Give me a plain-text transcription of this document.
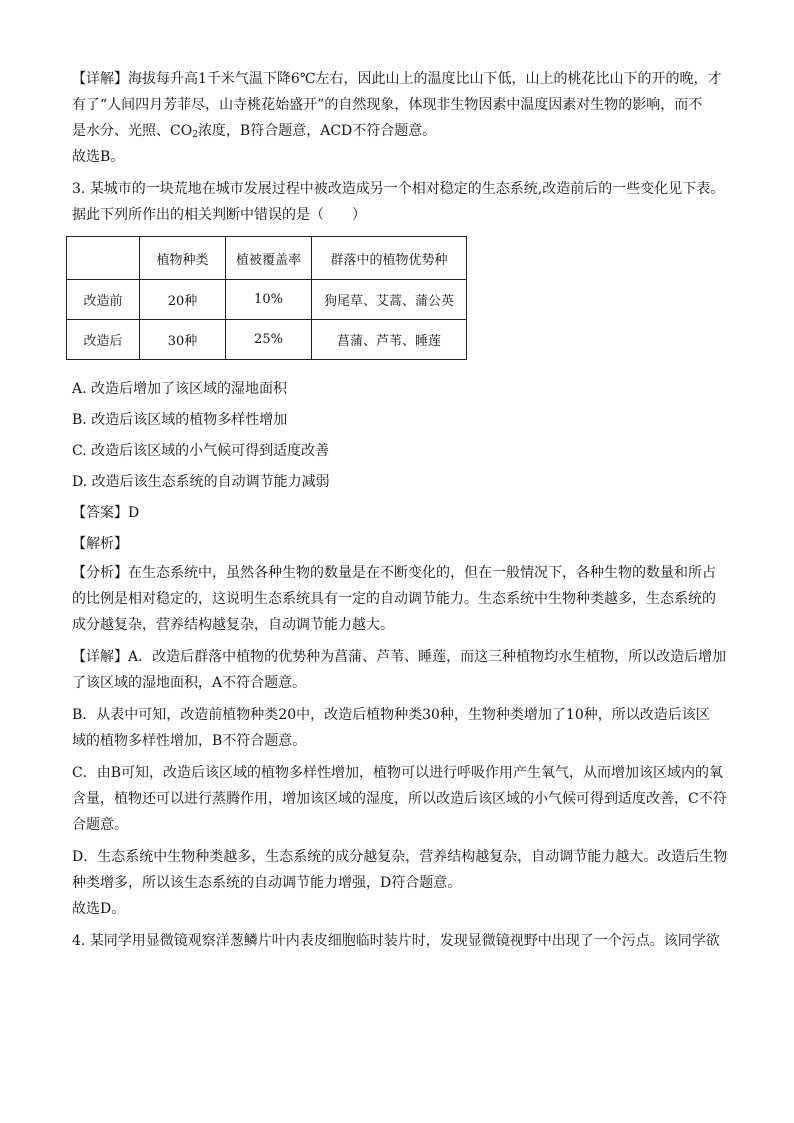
【详解】海拔每升高1千米气温下降6℃左右，因此山上的温度比山下低，山上的桃花比山下的开的晚，才

有了“人间四月芳菲尽，山寺桃花始盛开”的自然现象，体现非生物因素中温度因素对生物的影响，而不

是水分、光照、$CO_2$浓度，B符合题意，ACD不符合题意。

故选B。

3. 某城市的一块荒地在城市发展过程中被改造成另一个相对稳定的生态系统,改造前后的一些变化见下表。

据此下列所作出的相关判断中错误的是（　　）

	植物种类	植被覆盖率	群落中的植物优势种
改造前	20种	10%	狗尾草、艾蒿、蒲公英
改造后	30种	25%	菖蒲、芦苇、睡莲

A. 改造后增加了该区域的湿地面积

B. 改造后该区域的植物多样性增加

C. 改造后该区域的小气候可得到适度改善

D. 改造后该生态系统的自动调节能力减弱

【答案】D

【解析】

【分析】在生态系统中，虽然各种生物的数量是在不断变化的，但在一般情况下，各种生物的数量和所占

的比例是相对稳定的，这说明生态系统具有一定的自动调节能力。生态系统中生物种类越多，生态系统的

成分越复杂，营养结构越复杂，自动调节能力越大。

【详解】A．改造后群落中植物的优势种为菖蒲、芦苇、睡莲，而这三种植物均水生植物，所以改造后增加

了该区域的湿地面积，A不符合题意。

B．从表中可知，改造前植物种类20中，改造后植物种类30种，生物种类增加了10种，所以改造后该区

域的植物多样性增加，B不符合题意。

C．由B可知，改造后该区域的植物多样性增加，植物可以进行呼吸作用产生氧气，从而增加该区域内的氧

含量，植物还可以进行蒸腾作用，增加该区域的湿度，所以改造后该区域的小气候可得到适度改善，C不符

合题意。

D．生态系统中生物种类越多，生态系统的成分越复杂，营养结构越复杂，自动调节能力越大。改造后生物

种类增多，所以该生态系统的自动调节能力增强，D符合题意。

故选D。

4. 某同学用显微镜观察洋葱鳞片叶内表皮细胞临时装片时，发现显微镜视野中出现了一个污点。该同学欲
